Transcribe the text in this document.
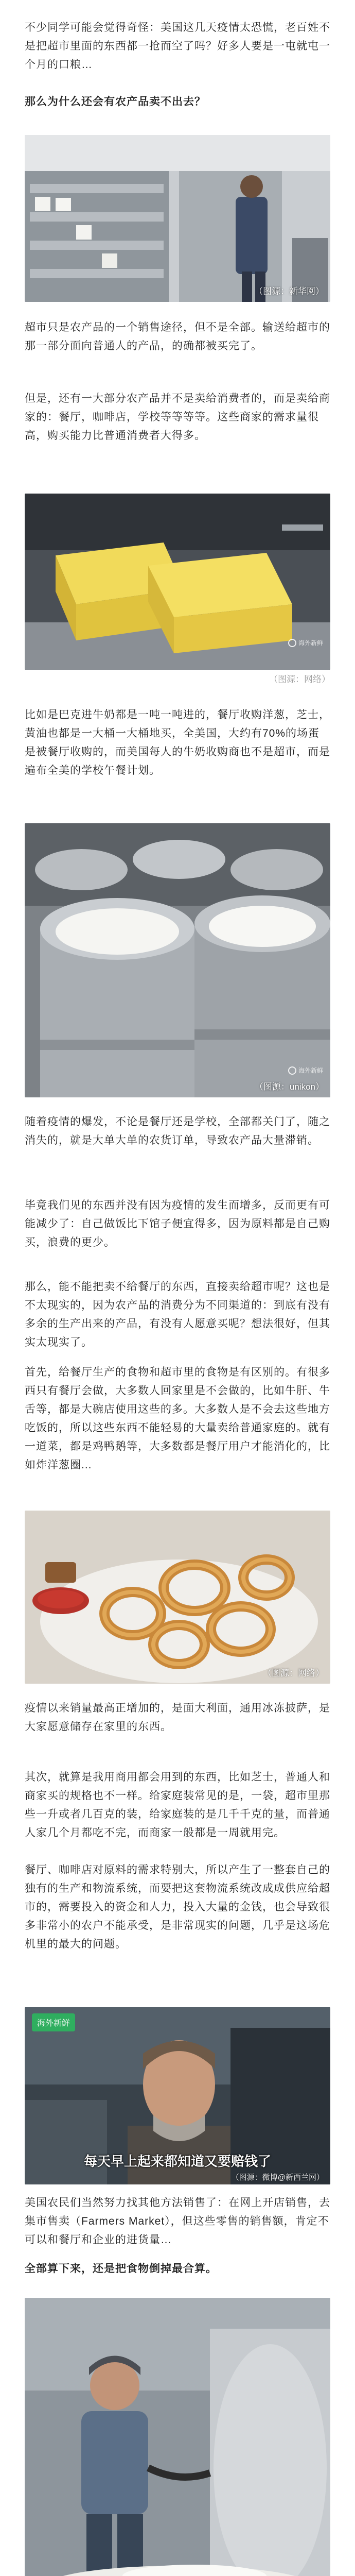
不少同学可能会觉得奇怪：美国这几天疫情太恐慌，老百姓不是把超市里面的东西都一抢而空了吗？好多人要是一屯就屯一个月的口粮…

那么为什么还会有农产品卖不出去？

（图源：新华网）

超市只是农产品的一个销售途径，但不是全部。输送给超市的那一部分面向普通人的产品，的确都被买完了。

但是，还有一大部分农产品并不是卖给消费者的，而是卖给商家的：餐厅，咖啡店，学校等等等等。这些商家的需求量很高，购买能力比普通消费者大得多。

海外新鲜
（图源：网络）

比如是巴克进牛奶都是一吨一吨进的，餐厅收购洋葱，芝士，黄油也都是一大桶一大桶地买，全美国，大约有70%的场蛋是被餐厅收购的，而美国每人的牛奶收购商也不是超市，而是遍布全美的学校午餐计划。

海外新鲜
（图源：unikon）

随着疫情的爆发，不论是餐厅还是学校，全部都关门了，随之消失的，就是大单大单的农货订单，导致农产品大量滞销。

毕竟我们见的东西并没有因为疫情的发生而增多，反而更有可能减少了：自己做饭比下馆子便宜得多，因为原料都是自己购买，浪费的更少。

那么，能不能把卖不给餐厅的东西，直接卖给超市呢？这也是不太现实的，因为农产品的消费分为不同渠道的：到底有没有多余的生产出来的产品，有没有人愿意买呢？想法很好，但其实太现实了。

首先，给餐厅生产的食物和超市里的食物是有区别的。有很多西只有餐厅会做，大多数人回家里是不会做的，比如牛肝、牛舌等，都是大碗店使用这些的多。大多数人是不会去这些地方吃饭的，所以这些东西不能轻易的大量卖给普通家庭的。就有一道菜，都是鸡鸭鹅等，大多数都是餐厅用户才能消化的，比如炸洋葱圈...

（图源：网络）

疫情以来销量最高正增加的，是面大利面，通用冰冻披萨，是大家愿意储存在家里的东西。

其次，就算是我用商用都会用到的东西，比如芝士，普通人和商家买的规格也不一样。给家庭装常见的是，一袋，超市里那些一升或者几百克的装，给家庭装的是几千千克的量，而普通人家几个月都吃不完，而商家一般都是一周就用完。

餐厅、咖啡店对原料的需求特别大，所以产生了一整套自己的独有的生产和物流系统，而要把这套物流系统改成成供应给超市的，需要投入的资金和人力，投入大量的金钱，也会导致很多非常小的农户不能承受，是非常现实的问题，几乎是这场危机里的最大的问题。

海外新鲜
每天早上起来都知道又要赔钱了
（图源：微博@新西兰网）

美国农民们当然努力找其他方法销售了：在网上开店销售，去集市售卖（Farmers Market），但这些零售的销售额，肯定不可以和餐厅和企业的进货量…

全部算下来，还是把食物倒掉最合算。
